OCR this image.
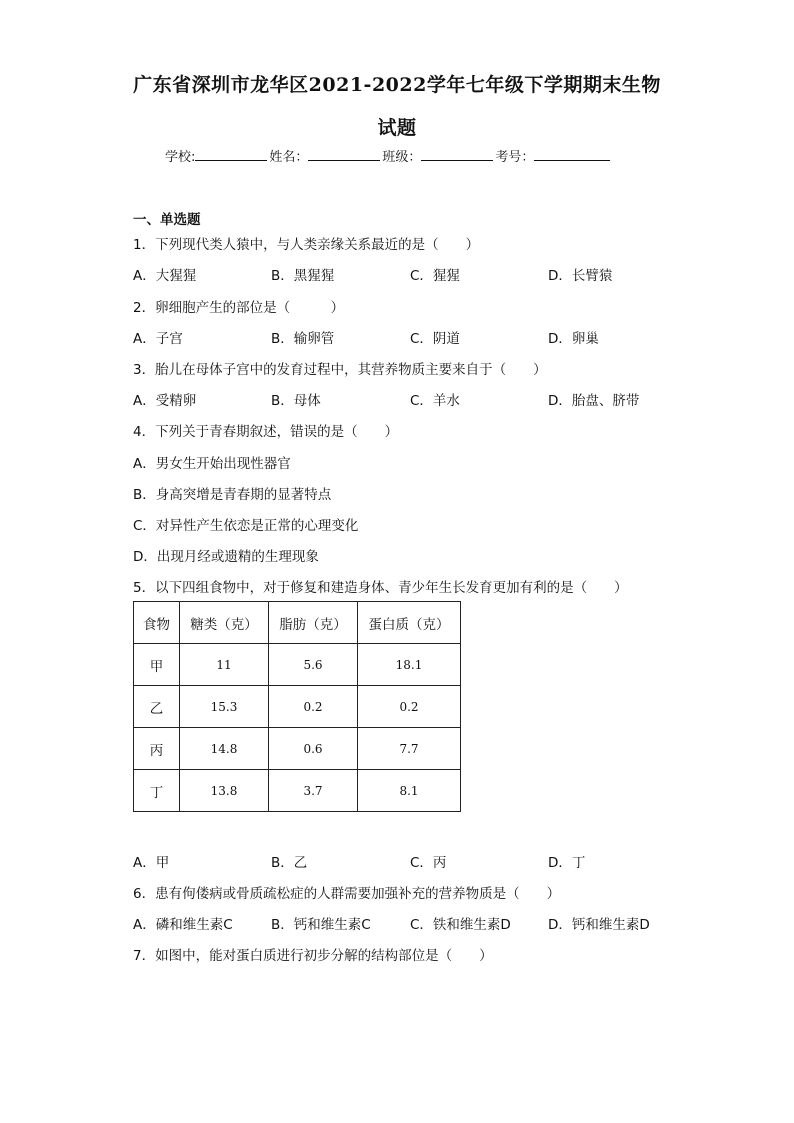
广东省深圳市龙华区2021-2022学年七年级下学期期末生物
试题
学校:	姓名：	班级：	考号：
一、单选题
1．下列现代类人猿中，与人类亲缘关系最近的是（　　）
A．大猩猩	B．黑猩猩	C．猩猩	D．长臂猿
2．卵细胞产生的部位是（　　　）
A．子宫	B．输卵管	C．阴道	D．卵巢
3．胎儿在母体子宫中的发育过程中，其营养物质主要来自于（　　）
A．受精卵	B．母体	C．羊水	D．胎盘、脐带
4．下列关于青春期叙述，错误的是（　　）
A．男女生开始出现性器官
B．身高突增是青春期的显著特点
C．对异性产生依恋是正常的心理变化
D．出现月经或遗精的生理现象
5．以下四组食物中，对于修复和建造身体、青少年生长发育更加有利的是（　　）
食物	糖类（克）	脂肪（克）	蛋白质（克）
甲	11	5.6	18.1
乙	15.3	0.2	0.2
丙	14.8	0.6	7.7
丁	13.8	3.7	8.1
A．甲	B．乙	C．丙	D．丁
6．患有佝偻病或骨质疏松症的人群需要加强补充的营养物质是（　　）
A．磷和维生素C	B．钙和维生素C	C．铁和维生素D	D．钙和维生素D
7．如图中，能对蛋白质进行初步分解的结构部位是（　　）
